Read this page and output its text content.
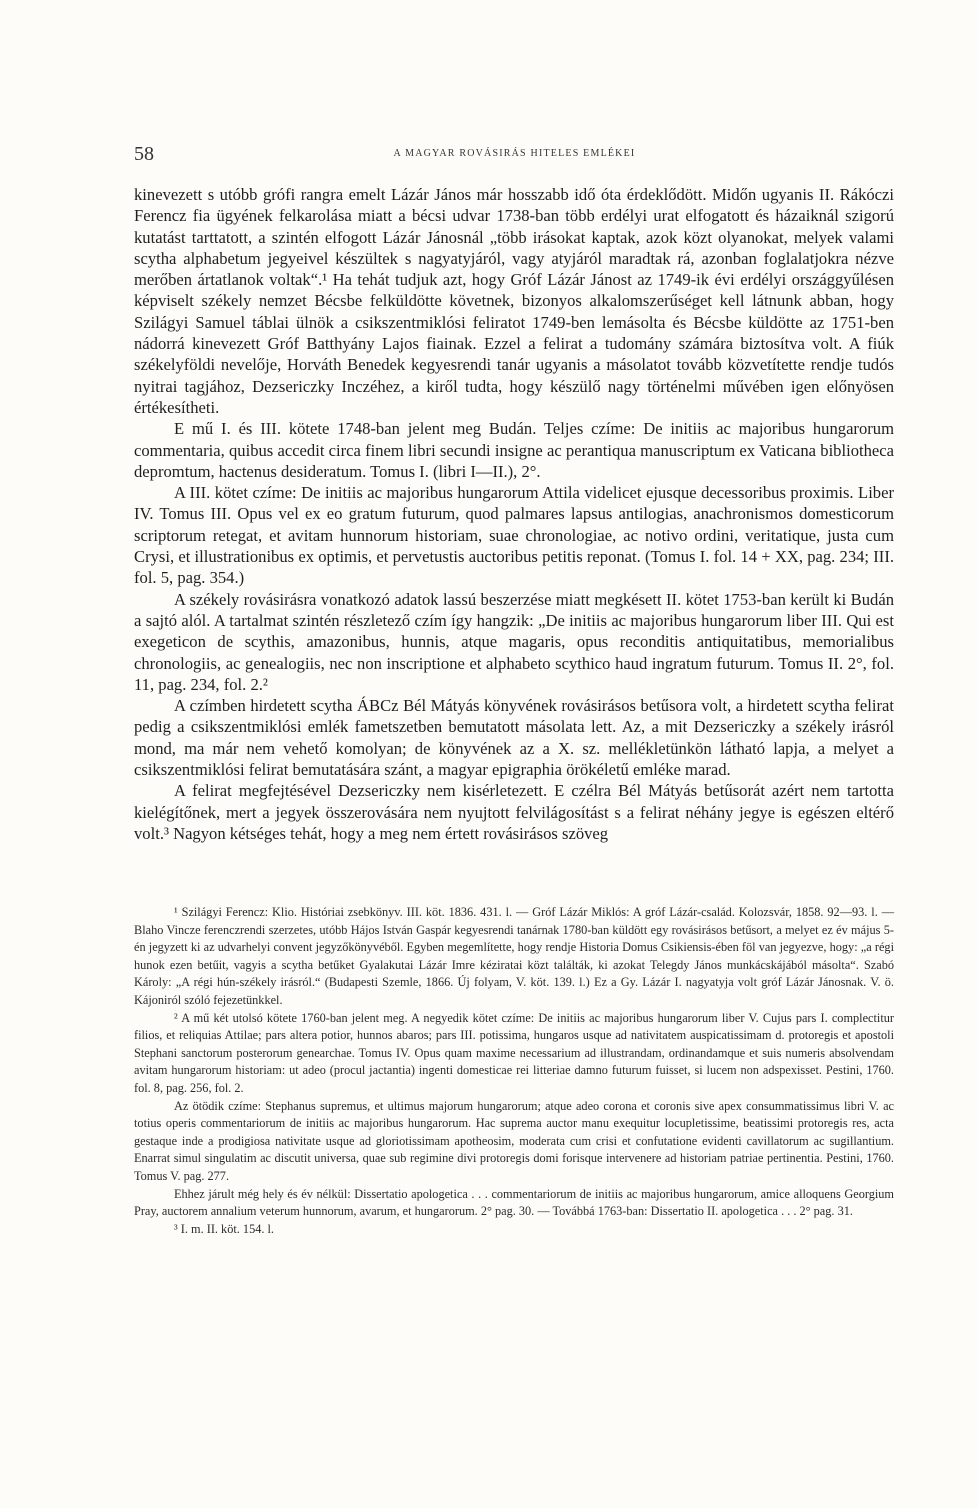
58	A MAGYAR ROVÁSIRÁS HITELES EMLÉKEI

kinevezett s utóbb grófi rangra emelt Lázár János már hosszabb idő óta érdeklődött. Midőn ugyanis II. Rákóczi Ferencz fia ügyének felkarolása miatt a bécsi udvar 1738-ban több erdélyi urat elfogatott és házaiknál szigorú kutatást tarttatott, a szintén elfogott Lázár Jánosnál „több irásokat kaptak, azok közt olyanokat, melyek valami scytha alphabetum jegyeivel készültek s nagyatyjáról, vagy atyjáról maradtak rá, azonban foglalatjokra nézve merőben ártatlanok voltak“.¹ Ha tehát tudjuk azt, hogy Gróf Lázár Jánost az 1749-ik évi erdélyi országgyűlésen képviselt székely nemzet Bécsbe felküldötte követnek, bizonyos alkalomszerűséget kell látnunk abban, hogy Szilágyi Samuel táblai ülnök a csikszentmiklósi feliratot 1749-ben lemásolta és Bécsbe küldötte az 1751-ben nádorrá kinevezett Gróf Batthyány Lajos fiainak. Ezzel a felirat a tudomány számára biztosítva volt. A fiúk székelyföldi nevelője, Horváth Benedek kegyesrendi tanár ugyanis a másolatot tovább közvetítette rendje tudós nyitrai tagjához, Dezsericzky Inczéhez, a kiről tudta, hogy készülő nagy történelmi művében igen előnyösen értékesítheti.

E mű I. és III. kötete 1748-ban jelent meg Budán. Teljes czíme: De initiis ac majoribus hungarorum commentaria, quibus accedit circa finem libri secundi insigne ac perantiqua manuscriptum ex Vaticana bibliotheca depromtum, hactenus desideratum. Tomus I. (libri I—II.), 2°.

A III. kötet czíme: De initiis ac majoribus hungarorum Attila videlicet ejusque decessoribus proximis. Liber IV. Tomus III. Opus vel ex eo gratum futurum, quod palmares lapsus antilogias, anachronismos domesticorum scriptorum retegat, et avitam hunnorum historiam, suae chronologiae, ac notivo ordini, veritatique, justa cum Crysi, et illustrationibus ex optimis, et pervetustis auctoribus petitis reponat. (Tomus I. fol. 14 + XX, pag. 234; III. fol. 5, pag. 354.)

A székely rovásirásra vonatkozó adatok lassú beszerzése miatt megkésett II. kötet 1753-ban került ki Budán a sajtó alól. A tartalmat szintén részletező czím így hangzik: „De initiis ac majoribus hungarorum liber III. Qui est exegeticon de scythis, amazonibus, hunnis, atque magaris, opus reconditis antiquitatibus, memorialibus chronologiis, ac genealogiis, nec non inscriptione et alphabeto scythico haud ingratum futurum. Tomus II. 2°, fol. 11, pag. 234, fol. 2.²

A czímben hirdetett scytha ÁBCz Bél Mátyás könyvének rovásirásos betűsora volt, a hirdetett scytha felirat pedig a csikszentmiklósi emlék fametszetben bemutatott másolata lett. Az, a mit Dezsericzky a székely irásról mond, ma már nem vehető komolyan; de könyvének az a X. sz. mellékletünkön látható lapja, a melyet a csikszentmiklósi felirat bemutatására szánt, a magyar epigraphia örökéletű emléke marad.

A felirat megfejtésével Dezsericzky nem kisérletezett. E czélra Bél Mátyás betűsorát azért nem tartotta kielégítőnek, mert a jegyek összerovására nem nyujtott felvilágosítást s a felirat néhány jegye is egészen eltérő volt.³ Nagyon kétséges tehát, hogy a meg nem értett rovásirásos szöveg

¹ Szilágyi Ferencz: Klio. Históriai zsebkönyv. III. köt. 1836. 431. l. — Gróf Lázár Miklós: A gróf Lázár-család. Kolozsvár, 1858. 92—93. l. — Blaho Vincze ferenczrendi szerzetes, utóbb Hájos István Gaspár kegyesrendi tanárnak 1780-ban küldött egy rovásirásos betűsort, a melyet ez év május 5-én jegyzett ki az udvarhelyi convent jegyzőkönyvéből. Egyben megemlítette, hogy rendje Historia Domus Csikiensis-ében föl van jegyezve, hogy: „a régi hunok ezen betűit, vagyis a scytha betűket Gyalakutai Lázár Imre kéziratai közt találták, ki azokat Telegdy János munkácskájából másolta“. Szabó Károly: „A régi hún-székely irásról.“ (Budapesti Szemle, 1866. Új folyam, V. köt. 139. l.) Ez a Gy. Lázár I. nagyatyja volt gróf Lázár Jánosnak. V. ö. Kájoniról szóló fejezetünkkel.

² A mű két utolsó kötete 1760-ban jelent meg. A negyedik kötet czíme: De initiis ac majoribus hungarorum liber V. Cujus pars I. complectitur filios, et reliquias Attilae; pars altera potior, hunnos abaros; pars III. potissima, hungaros usque ad nativitatem auspicatissimam d. protoregis et apostoli Stephani sanctorum posterorum genearchae. Tomus IV. Opus quam maxime necessarium ad illustrandam, ordinandamque et suis numeris absolvendam avitam hungarorum historiam: ut adeo (procul jactantia) ingenti domesticae rei litteriae damno futurum fuisset, si lucem non adspexisset. Pestini, 1760. fol. 8, pag. 256, fol. 2.

Az ötödik czíme: Stephanus supremus, et ultimus majorum hungarorum; atque adeo corona et coronis sive apex consummatissimus libri V. ac totius operis commentariorum de initiis ac majoribus hungarorum. Hac suprema auctor manu exequitur locupletissime, beatissimi protoregis res, acta gestaque inde a prodigiosa nativitate usque ad gloriotissimam apotheosim, moderata cum crisi et confutatione evidenti cavillatorum ac sugillantium. Enarrat simul singulatim ac discutit universa, quae sub regimine divi protoregis domi forisque intervenere ad historiam patriae pertinentia. Pestini, 1760. Tomus V. pag. 277.

Ehhez járult még hely és év nélkül: Dissertatio apologetica . . . commentariorum de initiis ac majoribus hungarorum, amice alloquens Georgium Pray, auctorem annalium veterum hunnorum, avarum, et hungarorum. 2° pag. 30. — Továbbá 1763-ban: Dissertatio II. apologetica . . . 2° pag. 31.

³ I. m. II. köt. 154. l.
